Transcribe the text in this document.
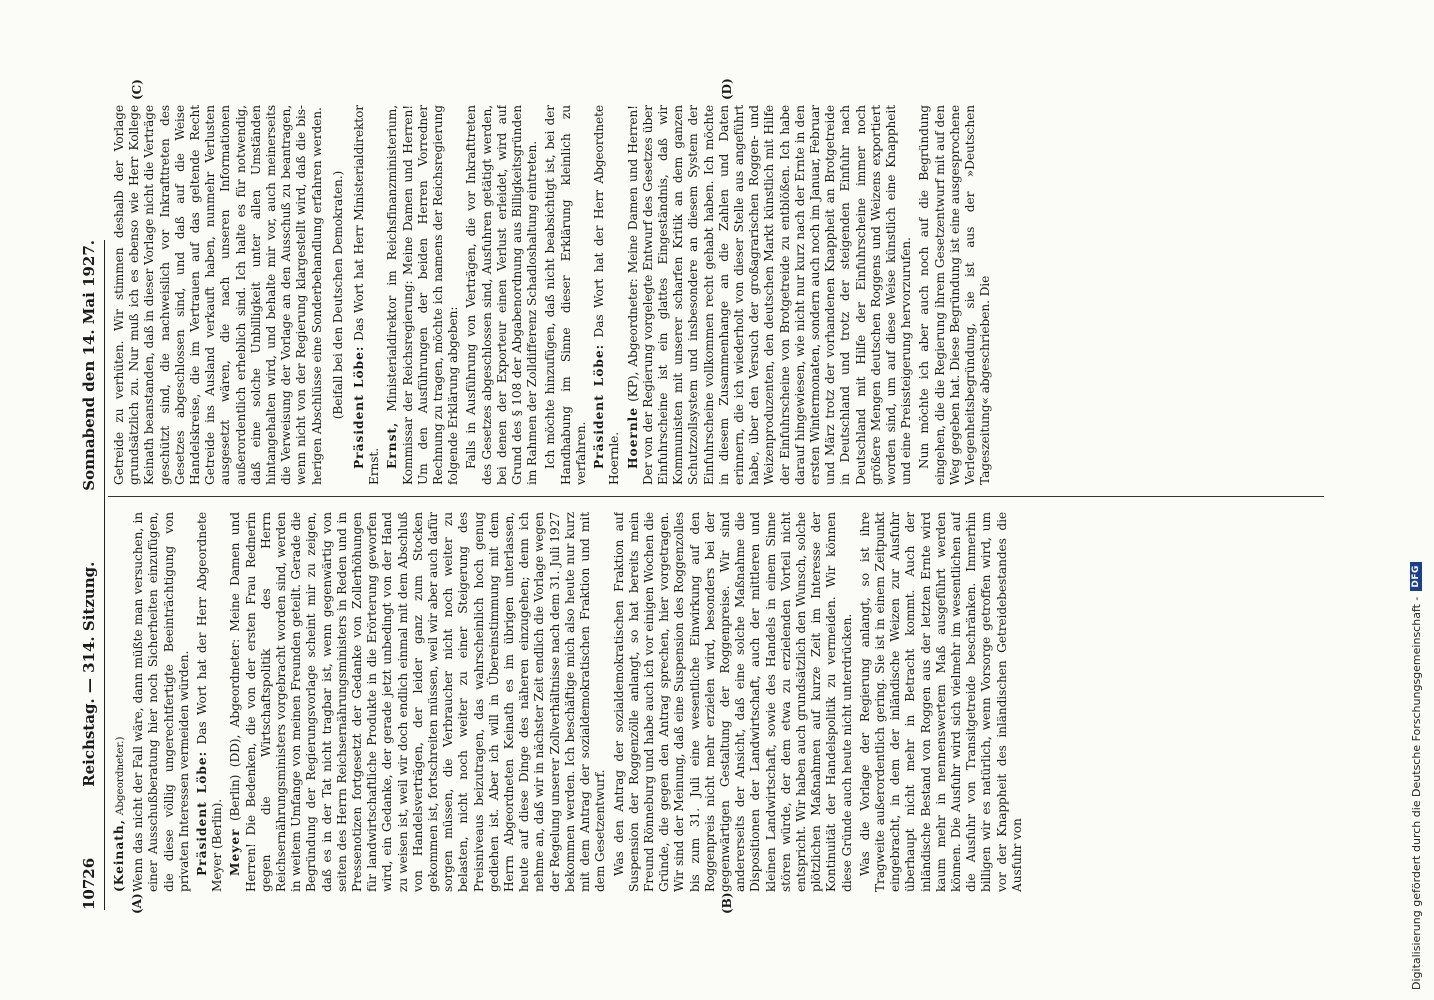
10726
Reichstag. — 314. Sitzung.
Sonnabend den 14. Mai 1927.
(A)	(B)
(C)	(D)

(Keinath, Abgeordneter.) Wenn das nicht der Fall wäre, dann müßte man versuchen, in einer Ausschußberatung hier noch Sicherheiten einzufügen, die diese völlig ungerechtfertigte Beeinträchtigung von privaten Interessen vermeiden würden. Präsident Löbe: Das Wort hat der Herr Abgeordnete Meyer (Berlin). Meyer (Berlin) (DD), Abgeordneter: Meine Damen und Herren! Die Bedenken, die von der ersten Frau Rednerin gegen die Wirtschaftspolitik des Herrn Reichsernährungsministers vorgebracht worden sind, werden in weitem Umfange von meinen Freunden geteilt. Gerade die Begründung der Regierungsvorlage scheint mir zu zeigen, daß es in der Tat nicht tragbar ist, wenn gegenwärtig von seiten des Herrn Reichsernährungsministers in Reden und in Pressenotizen fortgesetzt der Gedanke von Zollerhöhungen für landwirtschaftliche Produkte in die Erörterung geworfen wird, ein Gedanke, der gerade jetzt unbedingt von der Hand zu weisen ist, weil wir doch endlich einmal mit dem Abschluß von Handelsverträgen, der leider ganz zum Stocken gekommen ist, fortschreiten müssen, weil wir aber auch dafür sorgen müssen, die Verbraucher nicht noch weiter zu belasten, nicht noch weiter zu einer Steigerung des Preisniveaus beizutragen, das wahrscheinlich hoch genug gediehen ist. Aber ich will in Übereinstimmung mit dem Herrn Abgeordneten Keinath es im übrigen unterlassen, heute auf diese Dinge des näheren einzugehen; denn ich nehme an, daß wir in nächster Zeit endlich die Vorlage wegen der Regelung unserer Zollverhältnisse nach dem 31. Juli 1927 bekommen werden. Ich beschäftige mich also heute nur kurz mit dem Antrag der sozialdemokratischen Fraktion und mit dem Gesetzentwurf. Was den Antrag der sozialdemokratischen Fraktion auf Suspension der Roggenzölle anlangt, so hat bereits mein Freund Rönneburg und habe auch ich vor einigen Wochen die Gründe, die gegen den Antrag sprechen, hier vorgetragen. Wir sind der Meinung, daß eine Suspension des Roggenzolles bis zum 31. Juli eine wesentliche Einwirkung auf den Roggenpreis nicht mehr erzielen wird, besonders bei der gegenwärtigen Gestaltung der Roggenpreise. Wir sind andererseits der Ansicht, daß eine solche Maßnahme die Dispositionen der Landwirtschaft, auch der mittleren und kleinen Landwirtschaft, sowie des Handels in einem Sinne stören würde, der dem etwa zu erzielenden Vorteil nicht entspricht. Wir haben auch grundsätzlich den Wunsch, solche plötzlichen Maßnahmen auf kurze Zeit im Interesse der Kontinuität der Handelspolitik zu vermeiden. Wir können diese Gründe auch heute nicht unterdrücken. Was die Vorlage der Regierung anlangt, so ist ihre Tragweite außerordentlich gering. Sie ist in einem Zeitpunkt eingebracht, in dem der inländische Weizen zur Ausfuhr überhaupt nicht mehr in Betracht kommt. Auch der inländische Bestand von Roggen aus der letzten Ernte wird kaum mehr in nennenswertem Maß ausgeführt werden können. Die Ausfuhr wird sich vielmehr im wesentlichen auf die Ausfuhr von Transitgetreide beschränken. Immerhin billigen wir es natürlich, wenn Vorsorge getroffen wird, um vor der Knappheit des inländischen Getreidebestandes die Ausfuhr von

Getreide zu verhüten. Wir stimmen deshalb der Vorlage grundsätzlich zu. Nur muß ich es ebenso wie Herr Kollege Keinath beanstanden, daß in dieser Vorlage nicht die Verträge geschützt sind, die nachweislich vor Inkrafttreten des Gesetzes abgeschlossen sind, und daß auf die Weise Handelskreise, die im Vertrauen auf das geltende Recht Getreide ins Ausland verkauft haben, nunmehr Verlusten ausgesetzt wären, die nach unseren Informationen außerordentlich erheblich sind. Ich halte es für notwendig, daß eine solche Unbilligkeit unter allen Umständen hintangehalten wird, und behalte mir vor, auch meinerseits die Verweisung der Vorlage an den Ausschuß zu beantragen, wenn nicht von der Regierung klargestellt wird, daß die bisherigen Abschlüsse eine Sonderbehandlung erfahren werden. (Beifall bei den Deutschen Demokraten.) Präsident Löbe: Das Wort hat Herr Ministerialdirektor Ernst. Ernst, Ministerialdirektor im Reichsfinanzministerium, Kommissar der Reichsregierung: Meine Damen und Herren! Um den Ausführungen der beiden Herren Vorredner Rechnung zu tragen, möchte ich namens der Reichsregierung folgende Erklärung abgeben: Falls in Ausführung von Verträgen, die vor Inkrafttreten des Gesetzes abgeschlossen sind, Ausfuhren getätigt werden, bei denen der Exporteur einen Verlust erleidet, wird auf Grund des § 108 der Abgabenordnung aus Billigkeitsgründen im Rahmen der Zolldifferenz Schadloshaltung eintreten. Ich möchte hinzufügen, daß nicht beabsichtigt ist, bei der Handhabung im Sinne dieser Erklärung kleinlich zu verfahren. Präsident Löbe: Das Wort hat der Herr Abgeordnete Hoernle. Hoernle (KP), Abgeordneter: Meine Damen und Herren! Der von der Regierung vorgelegte Entwurf des Gesetzes über Einfuhrscheine ist ein glattes Eingeständnis, daß wir Kommunisten mit unserer scharfen Kritik an dem ganzen Schutzzollsystem und insbesondere an diesem System der Einfuhrscheine vollkommen recht gehabt haben. Ich möchte in diesem Zusammenhange an die Zahlen und Daten erinnern, die ich wiederholt von dieser Stelle aus angeführt habe, über den Versuch der großagrarischen Roggen- und Weizenproduzenten, den deutschen Markt künstlich mit Hilfe der Einfuhrscheine von Brotgetreide zu entblößen. Ich habe darauf hingewiesen, wie nicht nur kurz nach der Ernte in den ersten Wintermonaten, sondern auch noch im Januar, Februar und März trotz der vorhandenen Knappheit an Brotgetreide in Deutschland und trotz der steigenden Einfuhr nach Deutschland mit Hilfe der Einfuhrscheine immer noch größere Mengen deutschen Roggens und Weizens exportiert worden sind, um auf diese Weise künstlich eine Knappheit und eine Preissteigerung hervorzurufen. Nun möchte ich aber auch noch auf die Begründung eingehen, die die Regierung ihrem Gesetzentwurf mit auf den Weg gegeben hat. Diese Begründung ist eine ausgesprochene Verlegenheitsbegründung, sie ist aus der »Deutschen Tageszeitung« abgeschrieben. Die

Digitalisierung gefördert durch die Deutsche Forschungsgemeinschaft -
DFG
